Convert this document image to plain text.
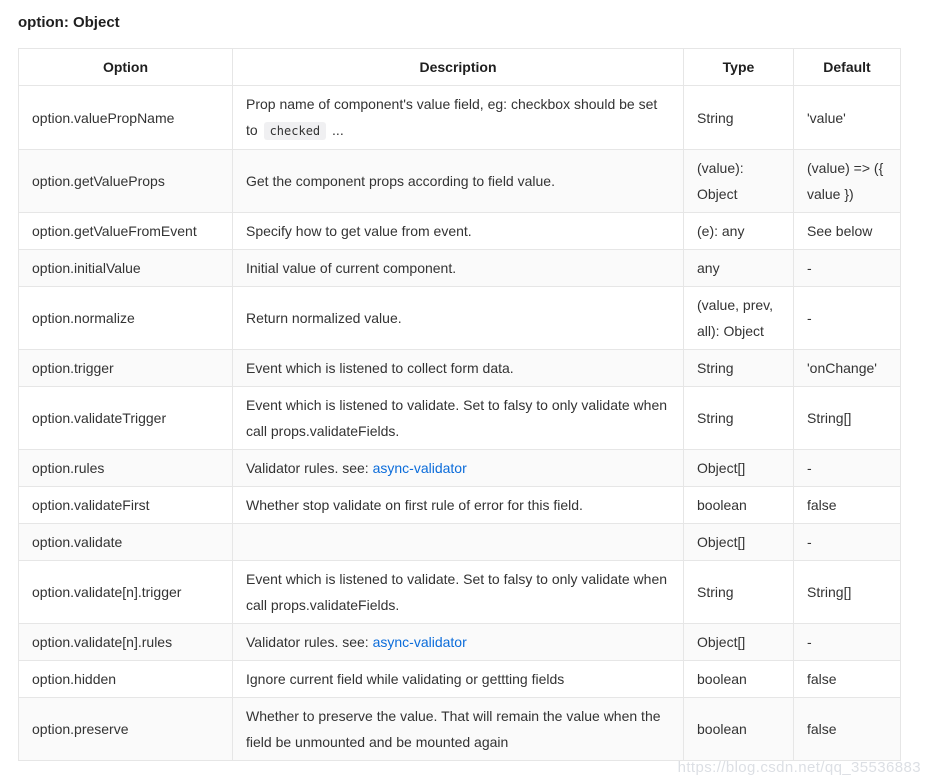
option: Object
Option	Description	Type	Default
option.valuePropName	Prop name of component's value field, eg: checkbox should be set to checked ...	String	'value'
option.getValueProps	Get the component props according to field value.	(value): Object	(value) => ({ value })
option.getValueFromEvent	Specify how to get value from event.	(e): any	See below
option.initialValue	Initial value of current component.	any	-
option.normalize	Return normalized value.	(value, prev, all): Object	-
option.trigger	Event which is listened to collect form data.	String	'onChange'
option.validateTrigger	Event which is listened to validate. Set to falsy to only validate when call props.validateFields.	String	String[]
option.rules	Validator rules. see: async-validator	Object[]	-
option.validateFirst	Whether stop validate on first rule of error for this field.	boolean	false
option.validate		Object[]	-
option.validate[n].trigger	Event which is listened to validate. Set to falsy to only validate when call props.validateFields.	String	String[]
option.validate[n].rules	Validator rules. see: async-validator	Object[]	-
option.hidden	Ignore current field while validating or gettting fields	boolean	false
option.preserve	Whether to preserve the value. That will remain the value when the field be unmounted and be mounted again	boolean	false
https://blog.csdn.net/qq_35536883
